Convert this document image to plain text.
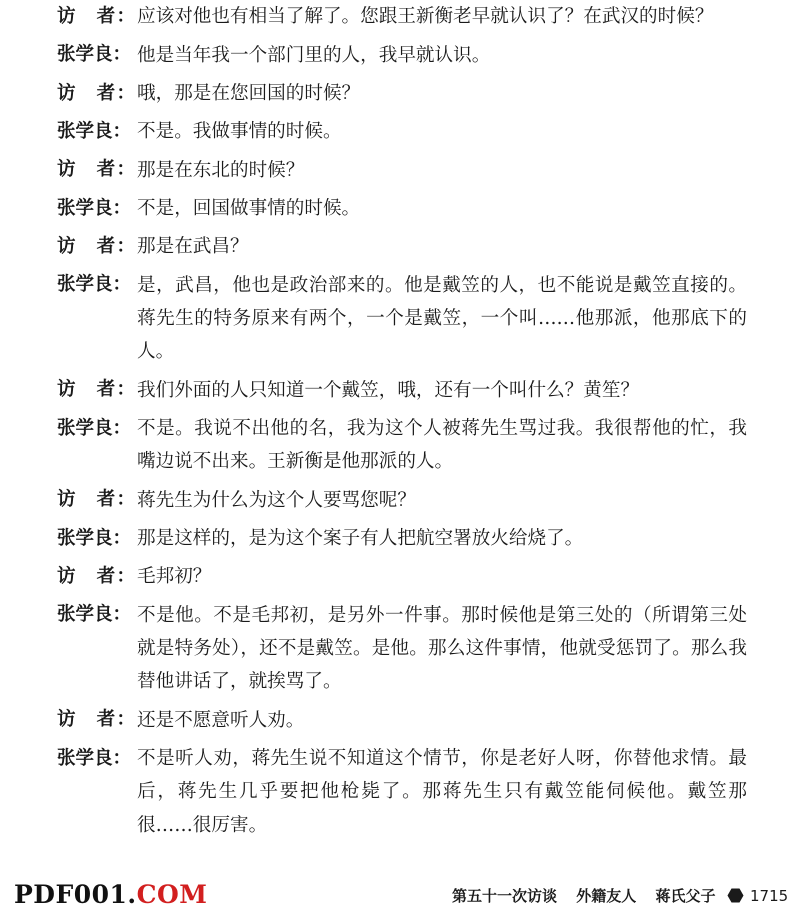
访　者： 应该对他也有相当了解了。您跟王新衡老早就认识了？在武汉的时候？
张学良： 他是当年我一个部门里的人，我早就认识。
访　者： 哦，那是在您回国的时候？
张学良： 不是。我做事情的时候。
访　者： 那是在东北的时候？
张学良： 不是，回国做事情的时候。
访　者： 那是在武昌？
张学良： 是，武昌，他也是政治部来的。他是戴笠的人，也不能说是戴笠直接的。蒋先生的特务原来有两个，一个是戴笠，一个叫……他那派，他那底下的人。
访　者： 我们外面的人只知道一个戴笠，哦，还有一个叫什么？黄笙？
张学良： 不是。我说不出他的名，我为这个人被蒋先生骂过我。我很帮他的忙，我嘴边说不出来。王新衡是他那派的人。
访　者： 蒋先生为什么为这个人要骂您呢？
张学良： 那是这样的，是为这个案子有人把航空署放火给烧了。
访　者： 毛邦初？
张学良： 不是他。不是毛邦初，是另外一件事。那时候他是第三处的（所谓第三处就是特务处），还不是戴笠。是他。那么这件事情，他就受惩罚了。那么我替他讲话了，就挨骂了。
访　者： 还是不愿意听人劝。
张学良： 不是听人劝，蒋先生说不知道这个情节，你是老好人呀，你替他求情。最后，蒋先生几乎要把他枪毙了。那蒋先生只有戴笠能伺候他。戴笠那很……很厉害。
PDF001.COM	第五十一次访谈 外籍友人 蒋氏父子 1715
